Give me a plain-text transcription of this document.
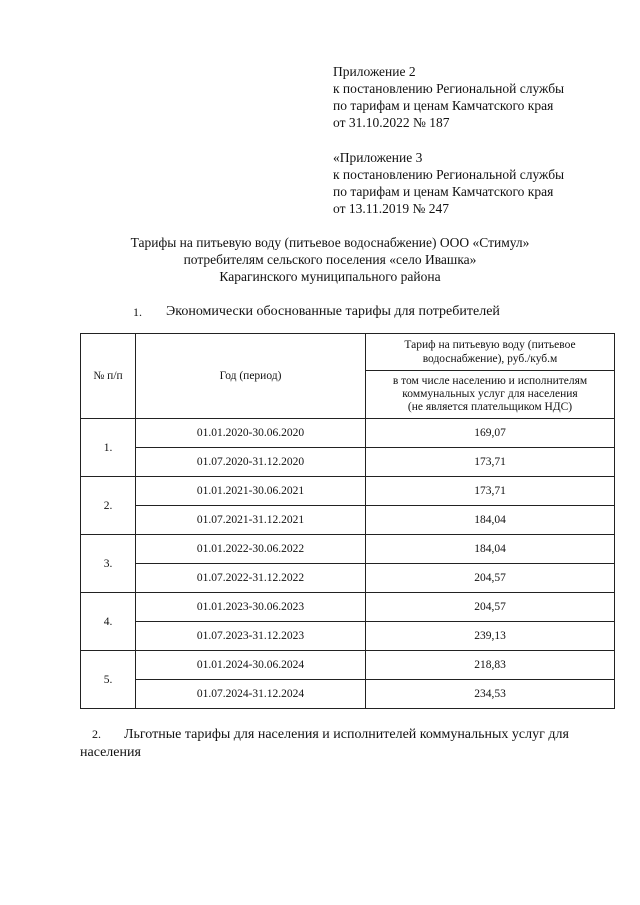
Приложение 2
к постановлению Региональной службы
по тарифам и ценам Камчатского края
от 31.10.2022 № 187
«Приложение 3
к постановлению Региональной службы
по тарифам и ценам Камчатского края
от 13.11.2019 № 247
Тарифы на питьевую воду (питьевое водоснабжение) ООО «Стимул»
потребителям сельского поселения «село Ивашка»
Карагинского муниципального района
1. Экономически обоснованные тарифы для потребителей
№ п/п	Год (период)	Тариф на питьевую воду (питьевое
водоснабжение), руб./куб.м

		в том числе населению и исполнителям
коммунальных услуг для населения
(не является плательщиком НДС)

1.	01.01.2020-30.06.2020	169,07
	01.07.2020-31.12.2020	173,71
2.	01.01.2021-30.06.2021	173,71
	01.07.2021-31.12.2021	184,04
3.	01.01.2022-30.06.2022	184,04
	01.07.2022-31.12.2022	204,57
4.	01.01.2023-30.06.2023	204,57
	01.07.2023-31.12.2023	239,13
5.	01.01.2024-30.06.2024	218,83
	01.07.2024-31.12.2024	234,53
2. Льготные тарифы для населения и исполнителей коммунальных услуг для населения
